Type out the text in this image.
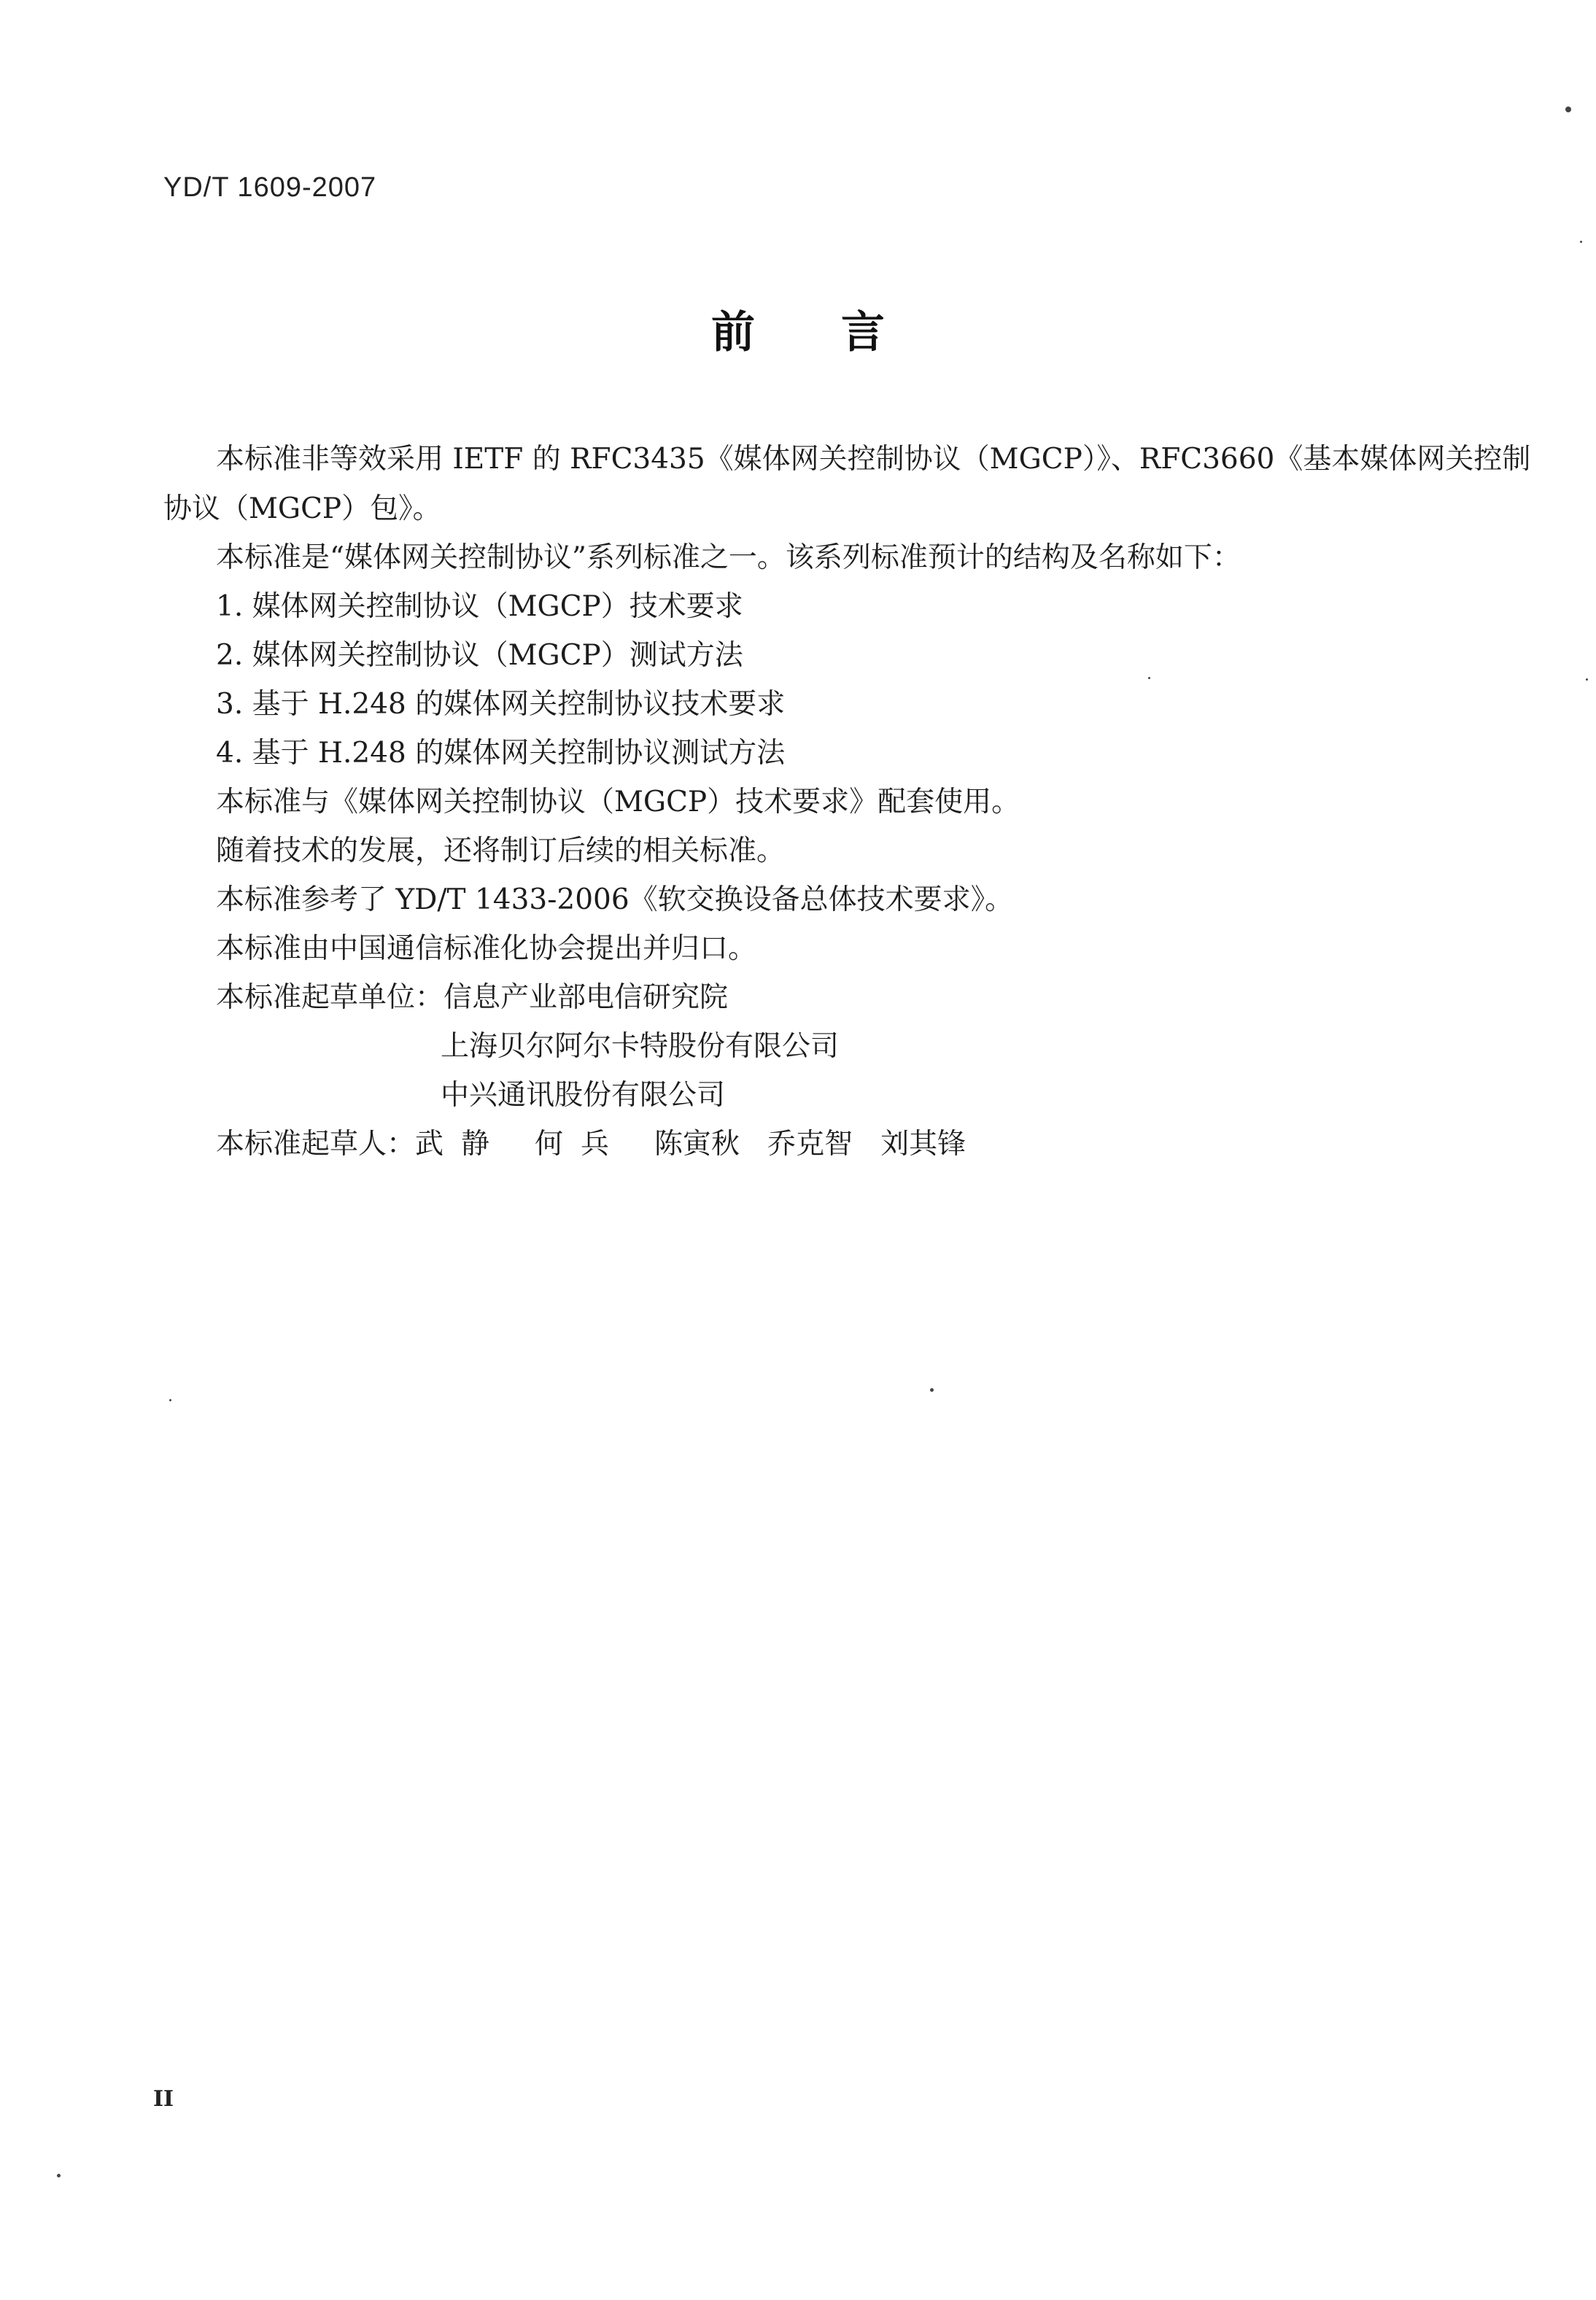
YD/T 1609-2007
前言
本标准非等效采用 IETF 的 RFC3435《媒体网关控制协议（MGCP）》、RFC3660《基本媒体网关控制
协议（MGCP）包》。
本标准是“媒体网关控制协议”系列标准之一。该系列标准预计的结构及名称如下：
1. 媒体网关控制协议（MGCP）技术要求
2. 媒体网关控制协议（MGCP）测试方法
3. 基于 H.248 的媒体网关控制协议技术要求
4. 基于 H.248 的媒体网关控制协议测试方法
本标准与《媒体网关控制协议（MGCP）技术要求》配套使用。
随着技术的发展，还将制订后续的相关标准。
本标准参考了 YD/T 1433-2006《软交换设备总体技术要求》。
本标准由中国通信标准化协会提出并归口。
本标准起草单位：信息产业部电信研究院
上海贝尔阿尔卡特股份有限公司
中兴通讯股份有限公司
本标准起草人：武静 何兵 陈寅秋 乔克智 刘其锋
II
